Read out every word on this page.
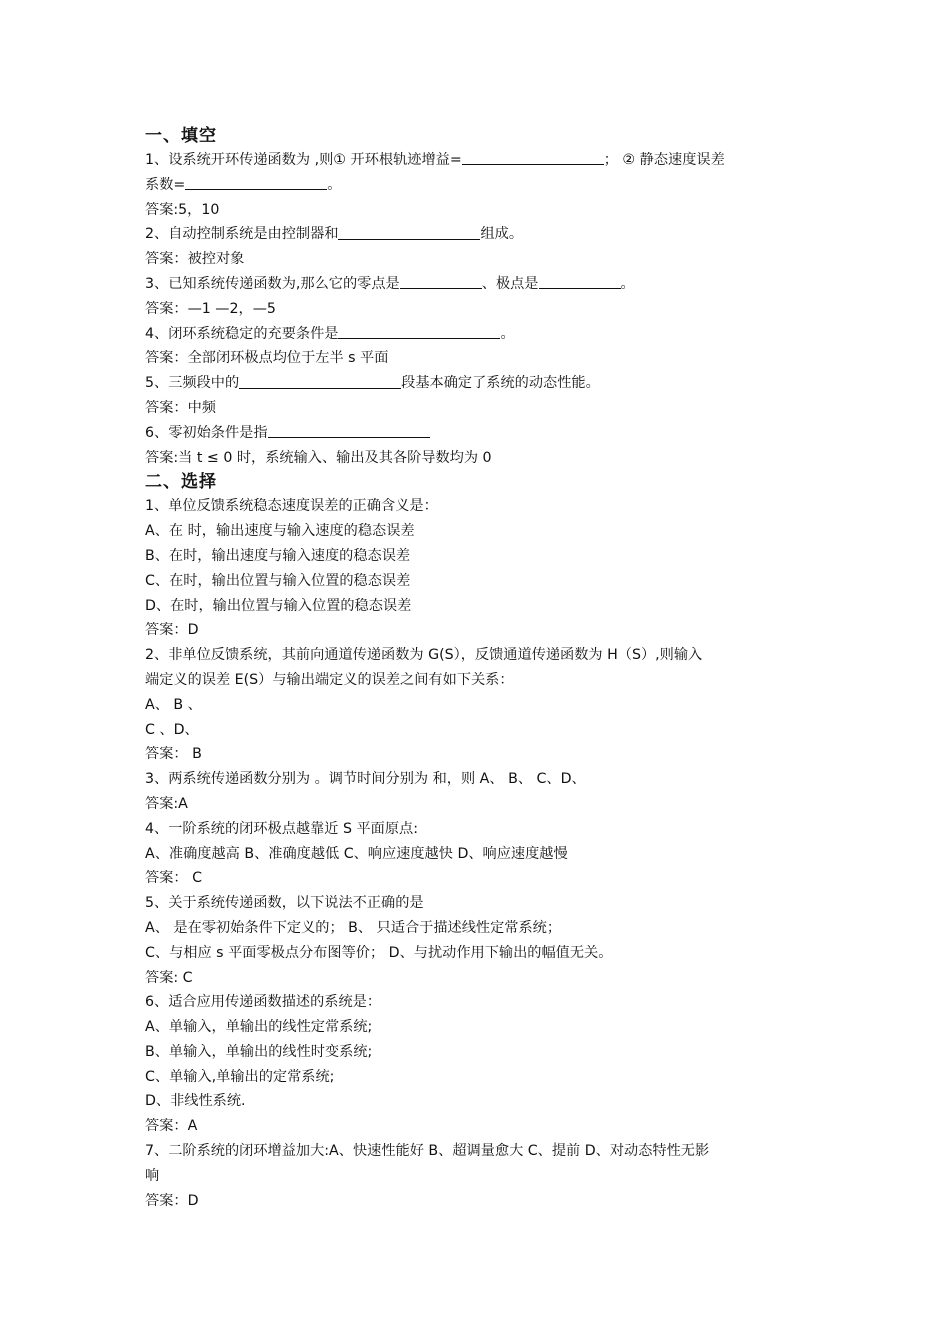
一、填空
1、设系统开环传递函数为 ,则① 开环根轨迹增益=	； ② 静态速度误差
系数=	。
答案:5，10
2、自动控制系统是由控制器和	组成。
答案：被控对象
3、已知系统传递函数为,那么它的零点是	、极点是	。
答案：—1 —2，—5
4、闭环系统稳定的充要条件是	。
答案：全部闭环极点均位于左半 s 平面
5、三频段中的	段基本确定了系统的动态性能。
答案：中频
6、零初始条件是指
答案:当 t ≤ 0 时，系统输入、输出及其各阶导数均为 0
二、选择
1、单位反馈系统稳态速度误差的正确含义是：
A、在 时，输出速度与输入速度的稳态误差
B、在时，输出速度与输入速度的稳态误差
C、在时，输出位置与输入位置的稳态误差
D、在时，输出位置与输入位置的稳态误差
答案：D
2、非单位反馈系统，其前向通道传递函数为 G(S），反馈通道传递函数为 H（S）,则输入
端定义的误差 E(S）与输出端定义的误差之间有如下关系：
A、 B 、
C 、D、
答案： B
3、两系统传递函数分别为 。调节时间分别为 和，则 A、 B、 C、D、
答案:A
4、一阶系统的闭环极点越靠近 S 平面原点:
A、准确度越高 B、准确度越低 C、响应速度越快 D、响应速度越慢
答案： C
5、关于系统传递函数，以下说法不正确的是
A、 是在零初始条件下定义的； B、 只适合于描述线性定常系统；
C、与相应 s 平面零极点分布图等价； D、与扰动作用下输出的幅值无关。
答案: C
6、适合应用传递函数描述的系统是：
A、单输入，单输出的线性定常系统;
B、单输入，单输出的线性时变系统;
C、单输入,单输出的定常系统;
D、非线性系统.
答案：A
7、二阶系统的闭环增益加大:A、快速性能好 B、超调量愈大 C、提前 D、对动态特性无影
响
答案：D
